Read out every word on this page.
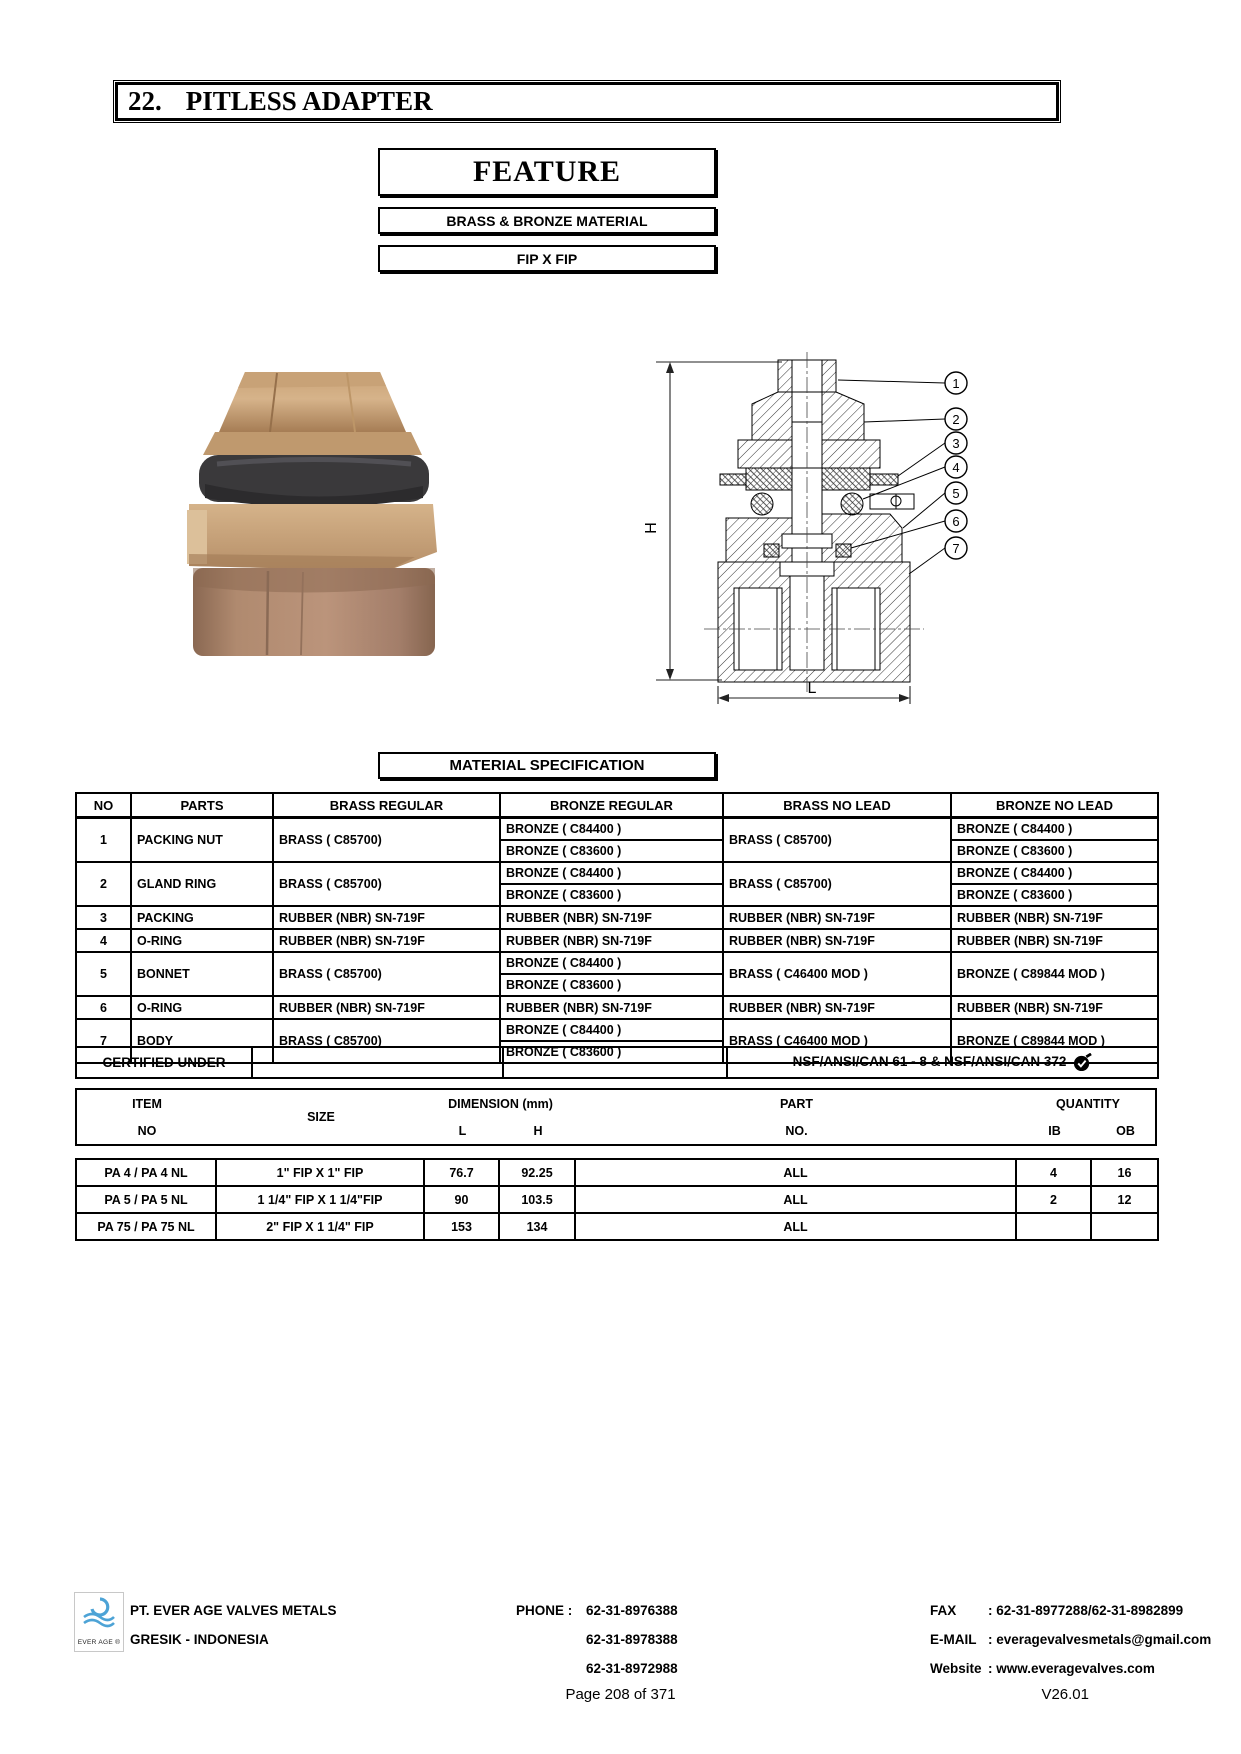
22. PITLESS ADAPTER
FEATURE
BRASS & BRONZE MATERIAL
FIP X FIP
H
L
1
2
3
4
5
6
7
MATERIAL SPECIFICATION
NO	PARTS	BRASS REGULAR	BRONZE REGULAR	BRASS NO LEAD	BRONZE NO LEAD
1	PACKING NUT	BRASS ( C85700)	BRONZE ( C84400 )	BRASS ( C85700)	BRONZE ( C84400 )
			BRONZE ( C83600 )		BRONZE ( C83600 )
2	GLAND RING	BRASS ( C85700)	BRONZE ( C84400 )	BRASS ( C85700)	BRONZE ( C84400 )
			BRONZE ( C83600 )		BRONZE ( C83600 )
3	PACKING	RUBBER (NBR) SN-719F	RUBBER (NBR) SN-719F	RUBBER (NBR) SN-719F	RUBBER (NBR) SN-719F
4	O-RING	RUBBER (NBR) SN-719F	RUBBER (NBR) SN-719F	RUBBER (NBR) SN-719F	RUBBER (NBR) SN-719F
5	BONNET	BRASS ( C85700)	BRONZE ( C84400 )	BRASS ( C46400 MOD )	BRONZE ( C89844 MOD )
			BRONZE ( C83600 )		
6	O-RING	RUBBER (NBR) SN-719F	RUBBER (NBR) SN-719F	RUBBER (NBR) SN-719F	RUBBER (NBR) SN-719F
7	BODY	BRASS ( C85700)	BRONZE ( C84400 )	BRASS ( C46400 MOD )	BRONZE ( C89844 MOD )
			BRONZE ( C83600 )		
CERTIFIED UNDER			NSF/ANSI/CAN 61 - 8 & NSF/ANSI/CAN 372
ITEM
NO
SIZE
DIMENSION (mm)
L	H
PART
NO.
QUANTITY
IB	OB
PA 4 / PA 4 NL	1" FIP X 1" FIP	76.7	92.25	ALL	4	16
PA 5 / PA 5 NL	1 1/4" FIP X 1 1/4"FIP	90	103.5	ALL	2	12
PA 75 / PA 75 NL	2" FIP X 1 1/4" FIP	153	134	ALL		
EVER AGE ®
PT. EVER AGE VALVES METALS
GRESIK - INDONESIA
PHONE : 62-31-8976388
62-31-8978388
62-31-8972988
FAX : 62-31-8977288/62-31-8982899
E-MAIL : everagevalvesmetals@gmail.com
Website : www.everagevalves.com
Page 208 of 371	V26.01
